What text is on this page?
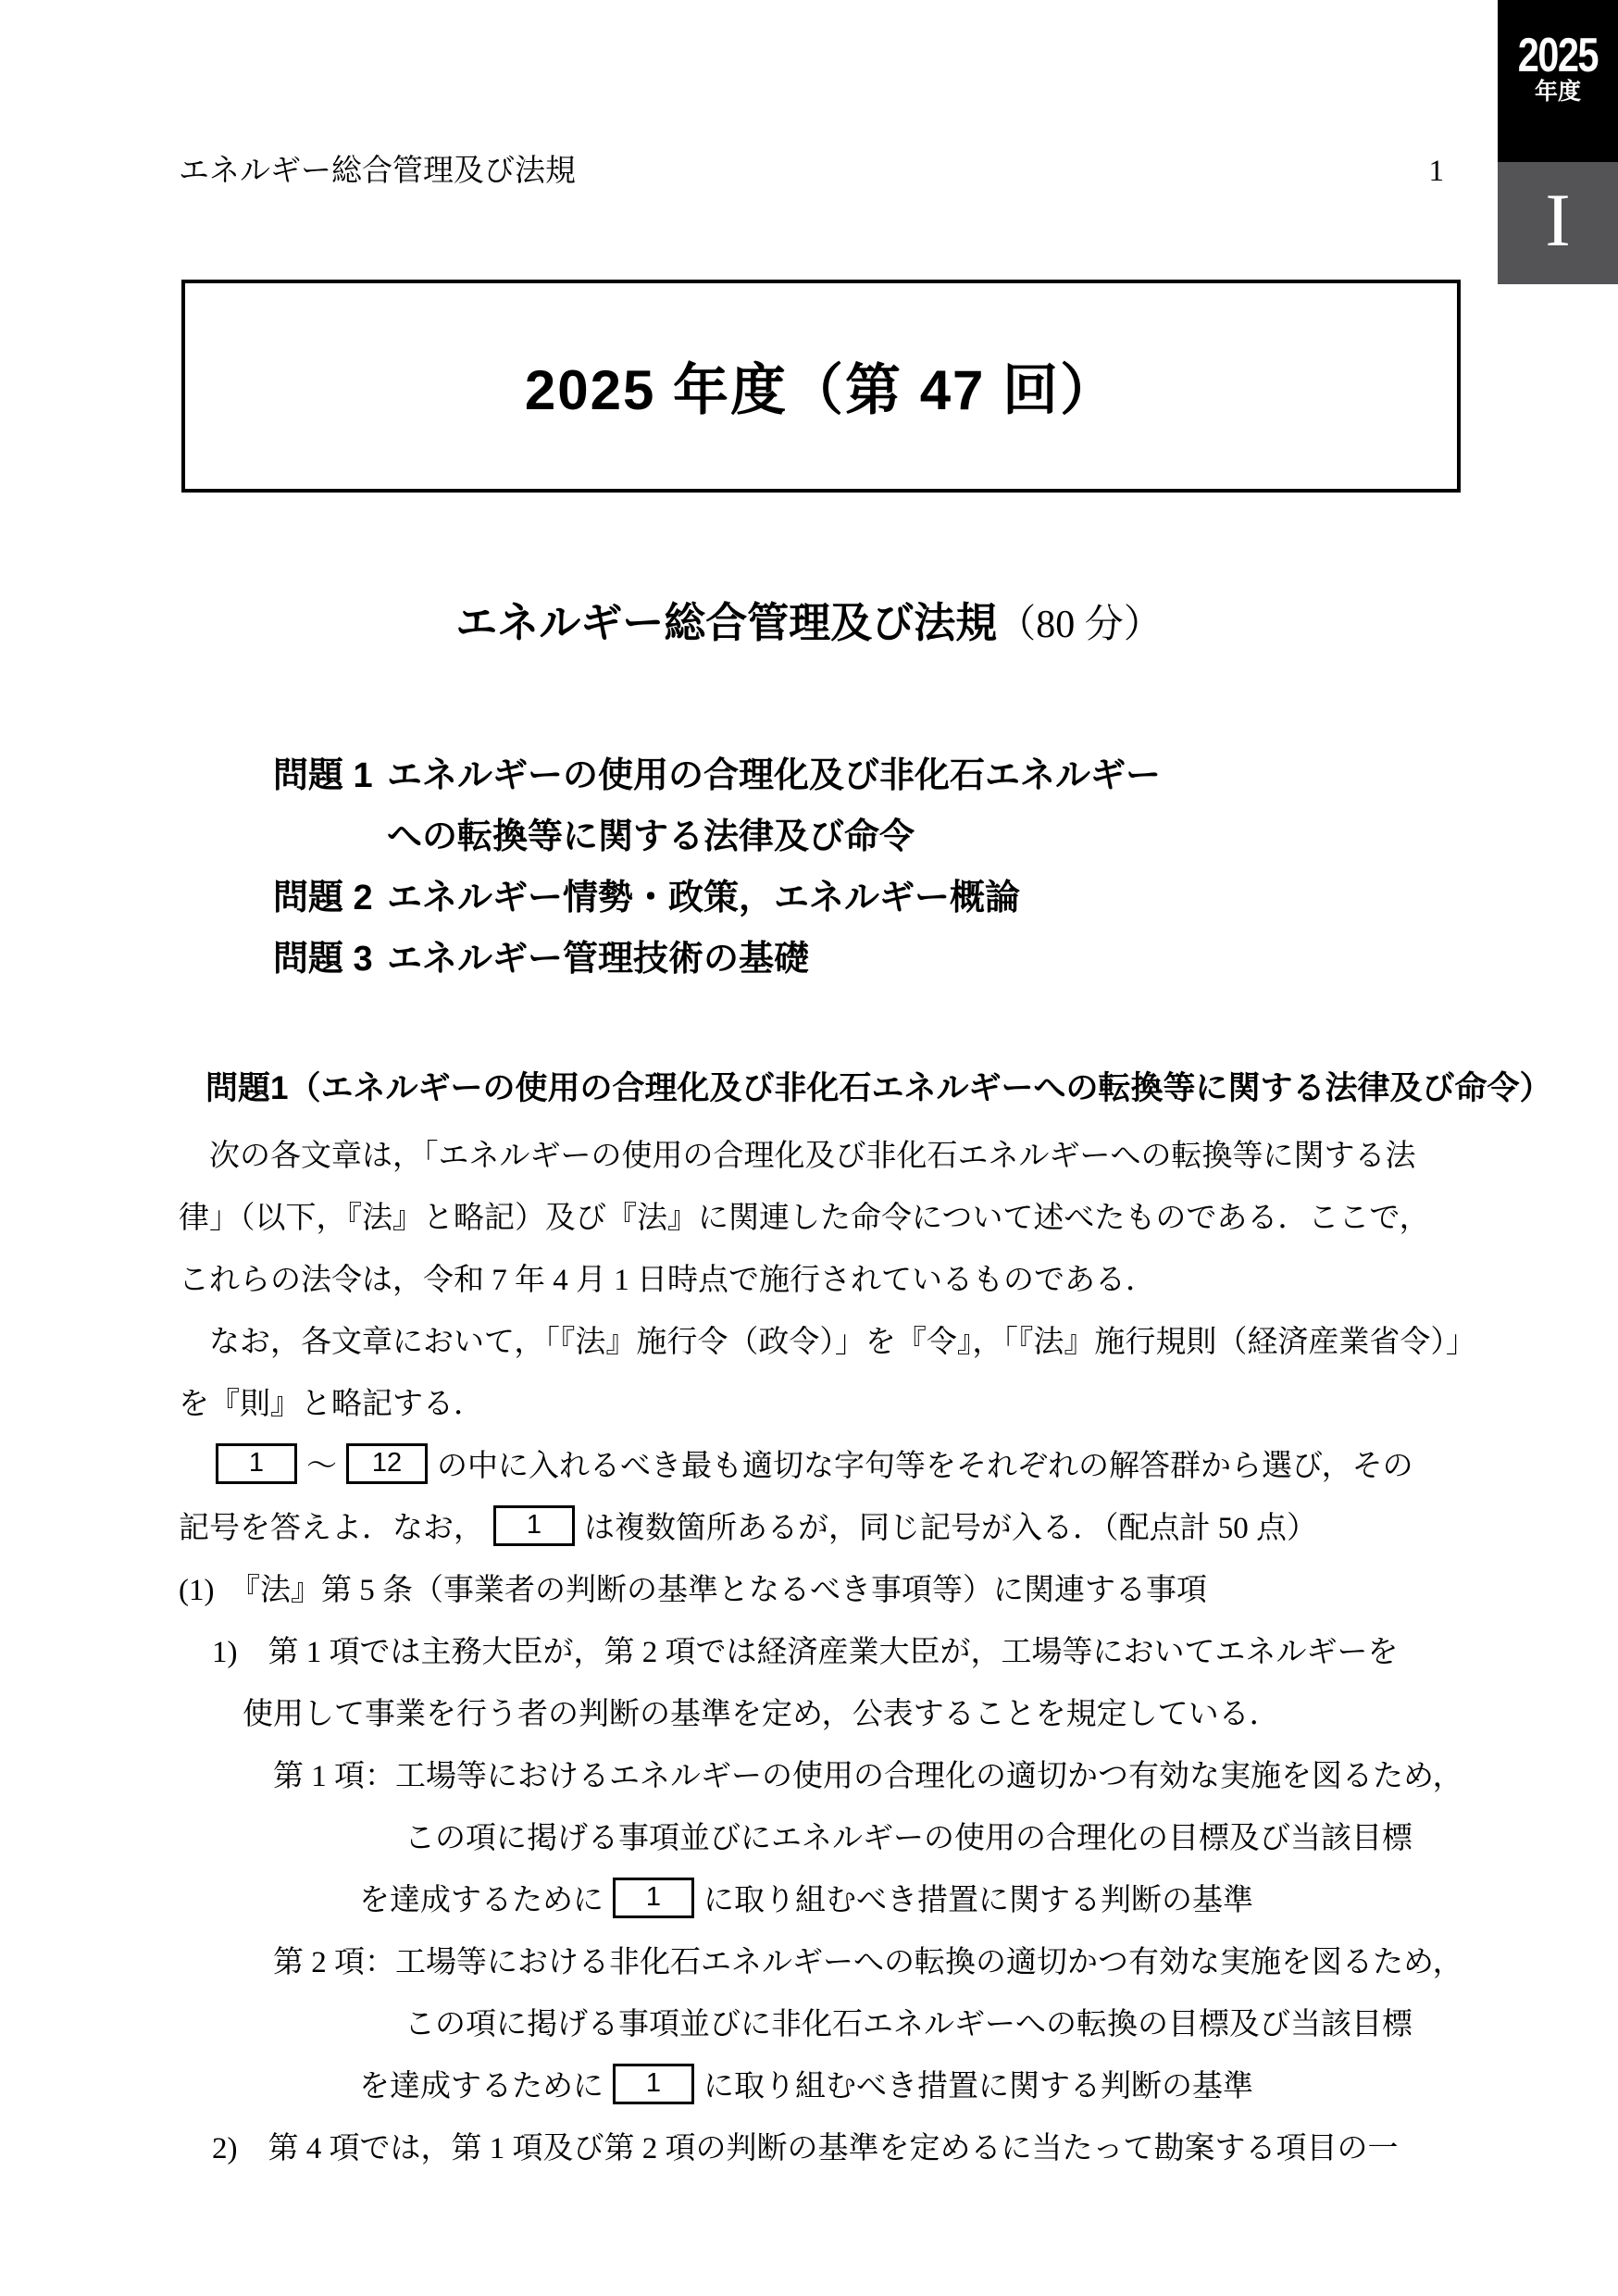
2025
年度
I
エネルギー総合管理及び法規	1
2025 年度（第 47 回）
エネルギー総合管理及び法規（80 分）
問題 1 エネルギーの使用の合理化及び非化石エネルギー
への転換等に関する法律及び命令
問題 2 エネルギー情勢・政策，エネルギー概論
問題 3 エネルギー管理技術の基礎
問題1（エネルギーの使用の合理化及び非化石エネルギーへの転換等に関する法律及び命令）
次の各文章は，「エネルギーの使用の合理化及び非化石エネルギーへの転換等に関する法
律」（以下，『法』と略記）及び『法』に関連した命令について述べたものである．ここで，
これらの法令は，令和 7 年 4 月 1 日時点で施行されているものである．
なお，各文章において，「『法』施行令（政令）」を『令』，「『法』施行規則（経済産業省令）」
を『則』と略記する．
1	～	12	の中に入れるべき最も適切な字句等をそれぞれの解答群から選び，その
記号を答えよ．なお，	1	は複数箇所あるが，同じ記号が入る．（配点計 50 点）
(1)　『法』第 5 条（事業者の判断の基準となるべき事項等）に関連する事項
1)　第 1 項では主務大臣が，第 2 項では経済産業大臣が，工場等においてエネルギーを
使用して事業を行う者の判断の基準を定め，公表することを規定している．
第 1 項：工場等におけるエネルギーの使用の合理化の適切かつ有効な実施を図るため，
この項に掲げる事項並びにエネルギーの使用の合理化の目標及び当該目標
を達成するために	1	に取り組むべき措置に関する判断の基準
第 2 項：工場等における非化石エネルギーへの転換の適切かつ有効な実施を図るため，
この項に掲げる事項並びに非化石エネルギーへの転換の目標及び当該目標
を達成するために	1	に取り組むべき措置に関する判断の基準
2)　第 4 項では，第 1 項及び第 2 項の判断の基準を定めるに当たって勘案する項目の一
